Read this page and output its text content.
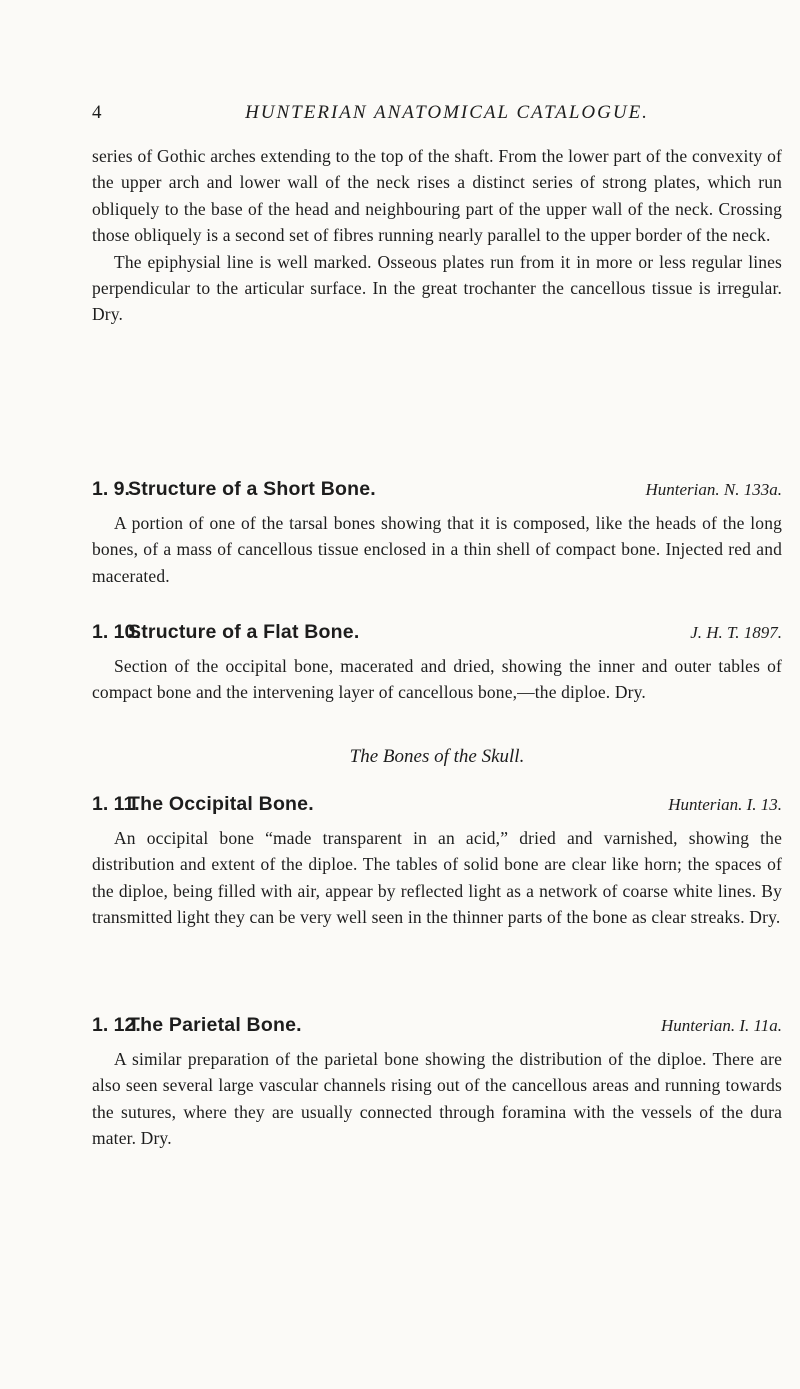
4	HUNTERIAN ANATOMICAL CATALOGUE.

series of Gothic arches extending to the top of the shaft. From the lower part of the convexity of the upper arch and lower wall of the neck rises a distinct series of strong plates, which run obliquely to the base of the head and neighbouring part of the upper wall of the neck. Crossing those obliquely is a second set of fibres running nearly parallel to the upper border of the neck.

The epiphysial line is well marked. Osseous plates run from it in more or less regular lines perpendicular to the articular surface. In the great trochanter the cancellous tissue is irregular. Dry.

1. 9.
Structure of a Short Bone.	Hunterian. N. 133a.

A portion of one of the tarsal bones showing that it is composed, like the heads of the long bones, of a mass of cancellous tissue enclosed in a thin shell of compact bone. Injected red and macerated.

1. 10.
Structure of a Flat Bone.	J. H. T. 1897.

Section of the occipital bone, macerated and dried, showing the inner and outer tables of compact bone and the intervening layer of cancellous bone,—the diploe. Dry.

The Bones of the Skull.
1. 11.
The Occipital Bone.	Hunterian. I. 13.

An occipital bone “made transparent in an acid,” dried and varnished, showing the distribution and extent of the diploe. The tables of solid bone are clear like horn; the spaces of the diploe, being filled with air, appear by reflected light as a network of coarse white lines. By transmitted light they can be very well seen in the thinner parts of the bone as clear streaks. Dry.

1. 12.
The Parietal Bone.	Hunterian. I. 11a.

A similar preparation of the parietal bone showing the distribution of the diploe. There are also seen several large vascular channels rising out of the cancellous areas and running towards the sutures, where they are usually connected through foramina with the vessels of the dura mater. Dry.
